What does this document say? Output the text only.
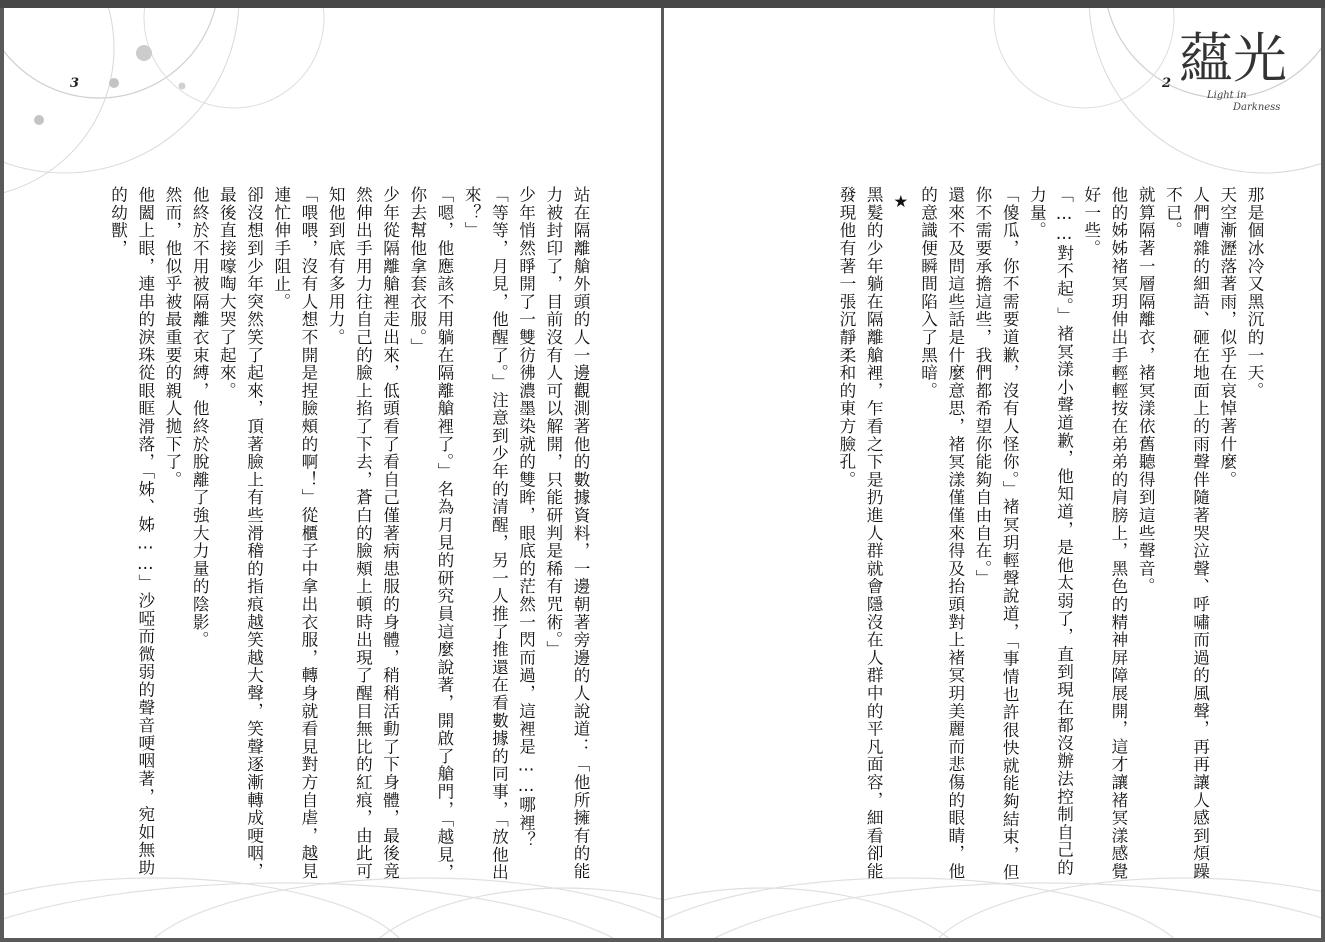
3

站在隔離艙外頭的人一邊觀測著他的數據資料，一邊朝著旁邊的人說道：「他所擁有的能力被封印了，目前沒有人可以解開，只能研判是稀有咒術。」

少年悄然睜開了一雙彷彿濃墨染就的雙眸，眼底的茫然一閃而過，這裡是……哪裡？

「等等，月見，他醒了。」注意到少年的清醒，另一人推了推還在看數據的同事，「放他出來？」

「嗯，他應該不用躺在隔離艙裡了。」名為月見的研究員這麼說著，開啟了艙門，「越見，你去幫他拿套衣服。」

少年從隔離艙裡走出來，低頭看了看自己僅著病患服的身體，稍稍活動了下身體，最後竟然伸出手用力往自己的臉上掐了下去，蒼白的臉頰上頓時出現了醒目無比的紅痕，由此可知他到底有多用力。

「喂喂，沒有人想不開是捏臉頰的啊！」從櫃子中拿出衣服，轉身就看見對方自虐，越見連忙伸手阻止。

卻沒想到少年突然笑了起來，頂著臉上有些滑稽的指痕越笑越大聲，笑聲逐漸轉成哽咽，最後直接嚎啕大哭了起來。

他終於不用被隔離衣束縛，他終於脫離了強大力量的陰影。

然而，他似乎被最重要的親人拋下了。

他闔上眼，連串的淚珠從眼眶滑落，「姊、姊……」沙啞而微弱的聲音哽咽著，宛如無助的幼獸，

2 蘊光
Light in
Darkness

那是個冰冷又黑沉的一天。

天空漸瀝落著雨，似乎在哀悼著什麼。

人們嘈雜的細語、砸在地面上的雨聲伴隨著哭泣聲、呼嘯而過的風聲，再再讓人感到煩躁不已。

就算隔著一層隔離衣，褚冥漾依舊聽得到這些聲音。

他的姊姊褚冥玥伸出手輕輕按在弟弟的肩膀上，黑色的精神屏障展開，這才讓褚冥漾感覺好一些。

「……對不起。」褚冥漾小聲道歉，他知道，是他太弱了，直到現在都沒辦法控制自己的力量。

「傻瓜，你不需要道歉，沒有人怪你。」褚冥玥輕聲說道，「事情也許很快就能夠結束，但你不需要承擔這些，我們都希望你能夠自由自在。」

還來不及問這些話是什麼意思，褚冥漾僅僅來得及抬頭對上褚冥玥美麗而悲傷的眼睛，他的意識便瞬間陷入了黑暗。

★

黑髮的少年躺在隔離艙裡，乍看之下是扔進人群就會隱沒在人群中的平凡面容，細看卻能發現他有著一張沉靜柔和的東方臉孔。
